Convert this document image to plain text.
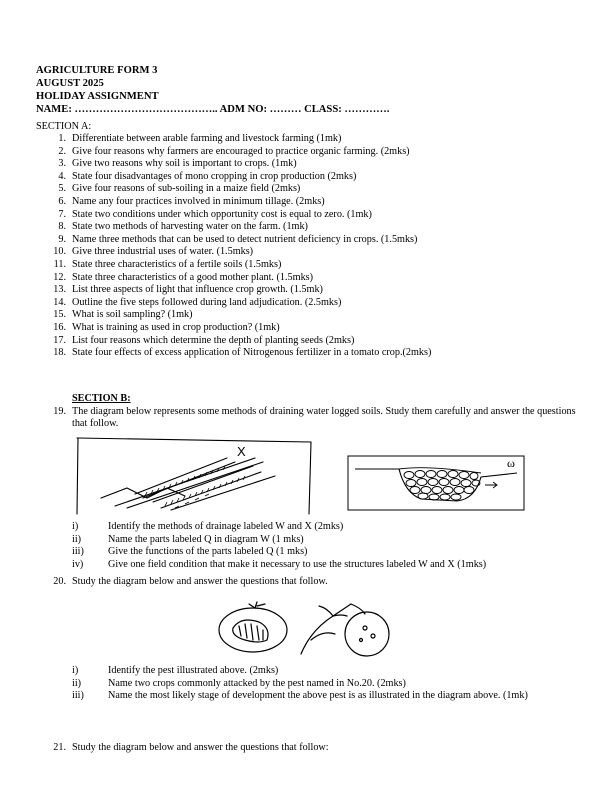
AGRICULTURE FORM 3
AUGUST 2025
HOLIDAY ASSIGNMENT
NAME: ………………………………….. ADM NO: ……… CLASS: ………….
SECTION A:
1. Differentiate between arable farming and livestock farming (1mk)
2. Give four reasons why farmers are encouraged to practice organic farming. (2mks)
3. Give two reasons why soil is important to crops. (1mk)
4. State four disadvantages of mono cropping in crop production (2mks)
5. Give four reasons of sub-soiling in a maize field (2mks)
6. Name any four practices involved in minimum tillage. (2mks)
7. State two conditions under which opportunity cost is equal to zero. (1mk)
8. State two methods of harvesting water on the farm. (1mk)
9. Name three methods that can be used to detect nutrient deficiency in crops. (1.5mks)
10. Give three industrial uses of water. (1.5mks)
11. State three characteristics of a fertile soils (1.5mks)
12. State three characteristics of a good mother plant. (1.5mks)
13. List three aspects of light that influence crop growth. (1.5mk)
14. Outline the five steps followed during land adjudication. (2.5mks)
15. What is soil sampling? (1mk)
16. What is training as used in crop production? (1mk)
17. List four reasons which determine the depth of planting seeds (2mks)
18. State four effects of excess application of Nitrogenous fertilizer in a tomato crop.(2mks)
SECTION B:
19. The diagram below represents some methods of draining water logged soils. Study them carefully and answer the questions that follow.
X
ω
i)	Identify the methods of drainage labeled W and X (2mks)
ii)	Name the parts labeled Q in diagram W (1 mks)
iii) Give the functions of the parts labeled Q (1 mks)
iv) Give one field condition that make it necessary to use the structures labeled W and X (1mks)
20. Study the diagram below and answer the questions that follow.
i)	Identify the pest illustrated above. (2mks)
ii)	Name two crops commonly attacked by the pest named in No.20. (2mks)
iii) Name the most likely stage of development the above pest is as illustrated in the diagram above. (1mk)
21. Study the diagram below and answer the questions that follow:
